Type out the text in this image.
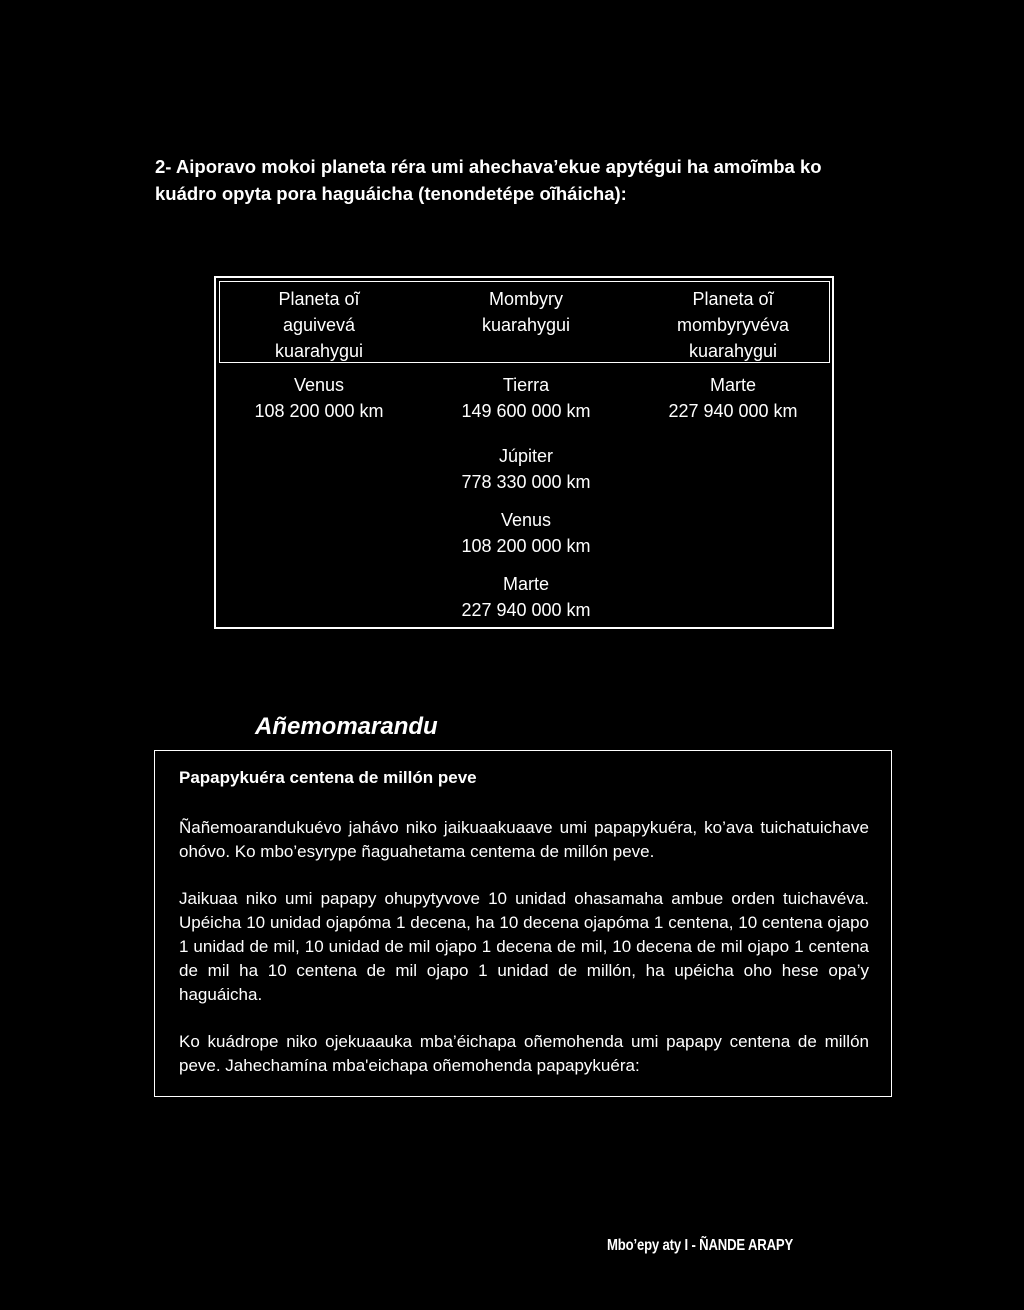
2- Aiporavo mokoi planeta réra umi ahechava’ekue apytégui ha amoĩmba ko
kuádro opyta pora haguáicha (tenondetépe oĩháicha):

Planeta oĩ
aguivevá
kuarahygui
Mombyry
kuarahygui
Planeta oĩ
mombyryvéva
kuarahygui
Venus
108 200 000 km
Tierra
149 600 000 km
Marte
227 940 000 km
Júpiter
778 330 000 km
Venus
108 200 000 km
Marte
227 940 000 km
Añemomarandu

Papapykuéra centena de millón peve

Ñañemoarandukuévo jahávo niko jaikuaakuaave umi papapykuéra, ko’ava tuichatuichave ohóvo. Ko mbo’esyrype ñaguahetama centema de millón peve.

Jaikuaa niko umi papapy ohupytyvove 10 unidad ohasamaha ambue orden tuichavéva. Upéicha 10 unidad ojapóma 1 decena, ha 10 decena ojapóma 1 centena, 10 centena ojapo 1 unidad de mil, 10 unidad de mil ojapo 1 decena de mil, 10 decena de mil ojapo 1 centena de mil ha 10 centena de mil ojapo 1 unidad de millón, ha upéicha oho hese opa’y haguáicha.

Ko kuádrope niko ojekuaauka mba’éichapa oñemohenda umi papapy centena de millón peve. Jahechamína mba'eichapa oñemohenda papapykuéra:

Mbo’epy aty I - ÑANDE ARAPY
